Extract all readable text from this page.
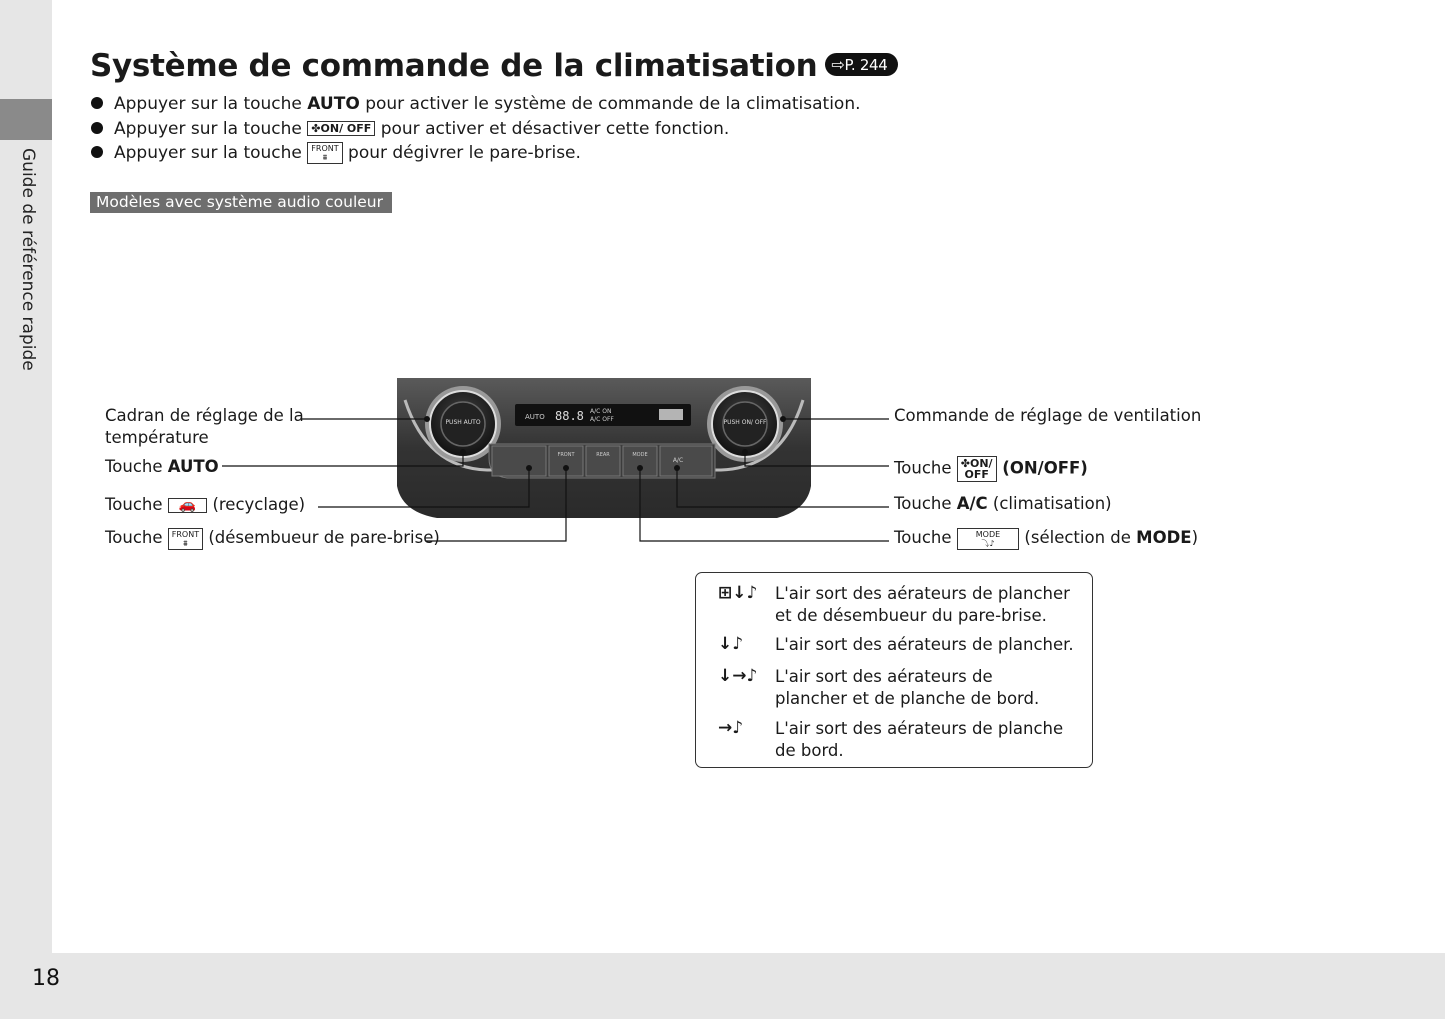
Guide de référence rapide
18
Système de commande de la climatisation ⇨P. 244
Appuyer sur la touche AUTO pour activer le système de commande de la climatisation.
Appuyer sur la touche ✤ON/ OFF pour activer et désactiver cette fonction.
Appuyer sur la touche FRONT
⩩ pour dégivrer le pare-brise.
Modèles avec système audio couleur
AUTO 88.8 A/C ON
A/C OFF
PUSH AUTO	PUSH ON/ OFF
FRONT	REAR	MODE
A/C
Cadran de réglage de la
température
Touche AUTO
Touche 🚗 (recyclage)
Touche FRONT
⩩ (désembueur de pare-brise)
Commande de réglage de ventilation
Touche ✤ON/
OFF (ON/OFF)
Touche A/C (climatisation)
Touche MODE
⤵♪ (sélection de MODE)
⊞↓♪ L'air sort des aérateurs de plancher
et de désembueur du pare-brise.
↓♪ L'air sort des aérateurs de plancher.
↓→♪ L'air sort des aérateurs de
plancher et de planche de bord.
→♪ L'air sort des aérateurs de planche
de bord.
